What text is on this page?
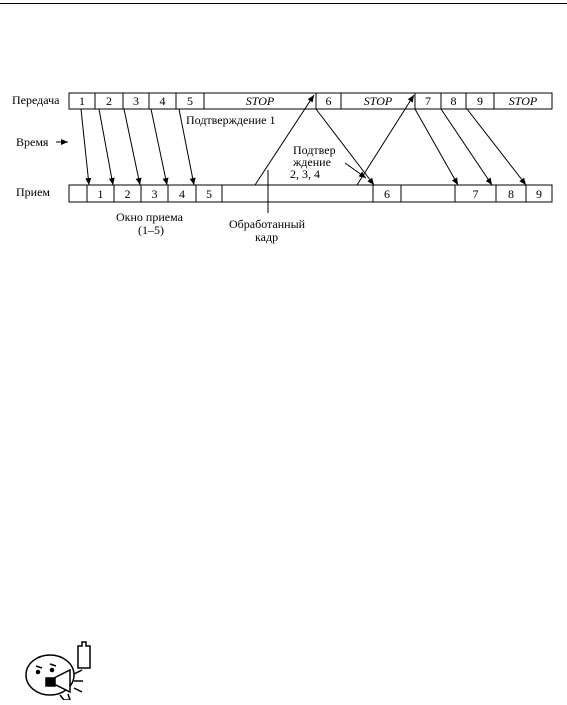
Передача
Время
Прием
1 2 3 4 5	STOP	6	STOP	7 8 9 STOP
1 2 3 4 5	6	7 8 9
Подтверждение 1
Подтвер
ждение
2, 3, 4
Окно приема
(1–5)	Обработанный
кадр
